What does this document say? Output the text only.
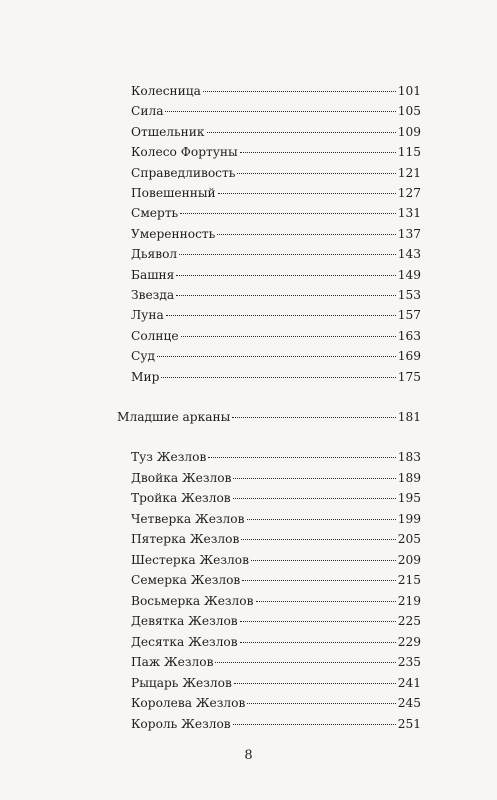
Колесница	101
Сила	105
Отшельник	109
Колесо Фортуны	115
Справедливость	121
Повешенный	127
Смерть	131
Умеренность	137
Дьявол	143
Башня	149
Звезда	153
Луна	157
Солнце	163
Суд	169
Мир	175
Младшие арканы	181
Туз Жезлов	183
Двойка Жезлов	189
Тройка Жезлов	195
Четверка Жезлов	199
Пятерка Жезлов	205
Шестерка Жезлов	209
Семерка Жезлов	215
Восьмерка Жезлов	219
Девятка Жезлов	225
Десятка Жезлов	229
Паж Жезлов	235
Рыцарь Жезлов	241
Королева Жезлов	245
Король Жезлов	251
8
